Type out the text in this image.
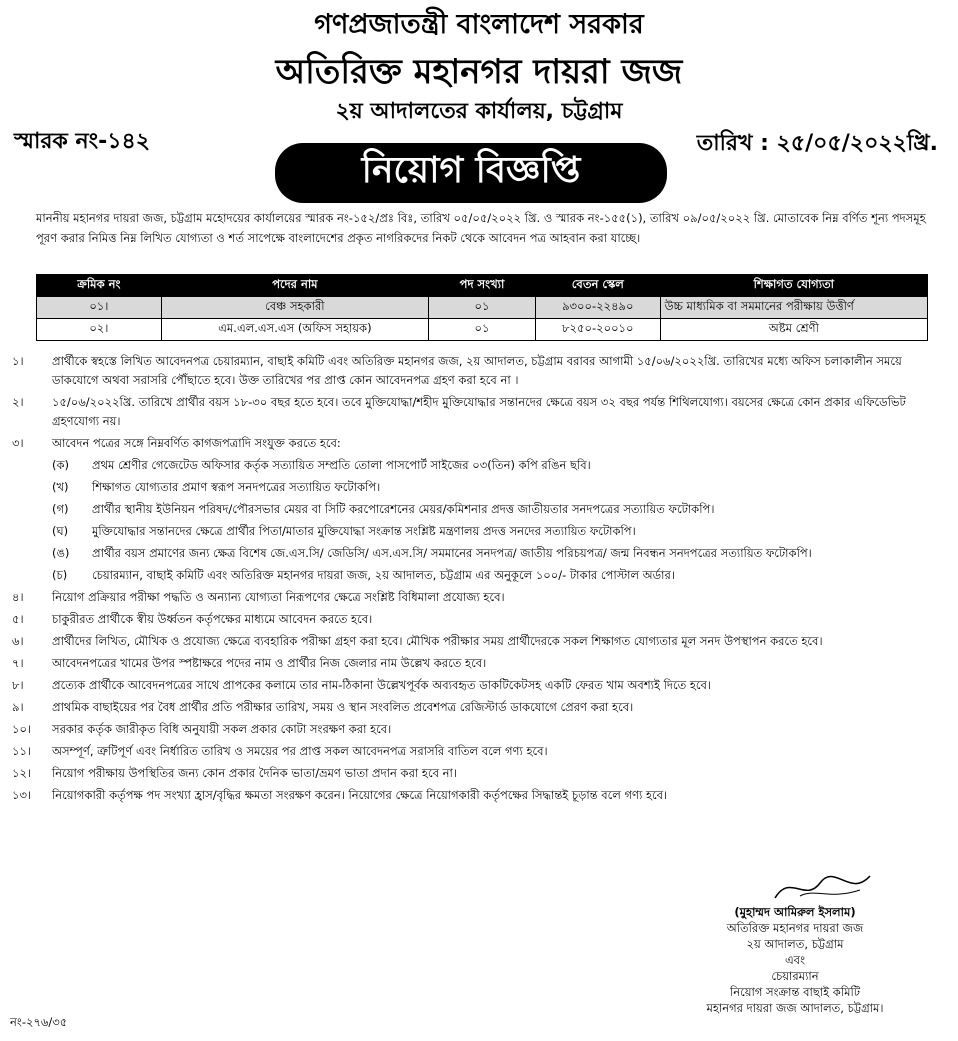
গণপ্রজাতন্ত্রী বাংলাদেশ সরকার
অতিরিক্ত মহানগর দায়রা জজ
২য় আদালতের কার্যালয়, চট্টগ্রাম
স্মারক নং-১৪২	তারিখ : ২৫/০৫/২০২২খ্রি.
নিয়োগ বিজ্ঞপ্তি
মাননীয় মহানগর দায়রা জজ, চট্টগ্রাম মহোদয়ের কার্যালয়ের স্মারক নং-১৫২/প্রঃ বিঃ, তারিখ ০৫/০৫/২০২২ খ্রি. ও স্মারক নং-১৫৫(১), তারিখ ০৯/০৫/২০২২ খ্রি. মোতাবেক নিম্ন বর্ণিত শূন্য পদসমূহ পূরণ করার নিমিত্ত নিম্ন লিখিত যোগ্যতা ও শর্ত সাপেক্ষে বাংলাদেশের প্রকৃত নাগরিকদের নিকট থেকে আবেদন পত্র আহবান করা যাচ্ছে।
ক্রমিক নং	পদের নাম	পদ সংখ্যা	বেতন স্কেল	শিক্ষাগত যোগ্যতা
০১।	বেঞ্চ সহকারী	০১	৯৩০০-২২৪৯০	উচ্চ মাধ্যমিক বা সমমানের পরীক্ষায় উত্তীর্ণ
০২।	এম.এল.এস.এস (অফিস সহায়ক)	০১	৮২৫০-২০০১০	অষ্টম শ্রেণী
১।	প্রার্থীকে স্বহস্তে লিখিত আবেদনপত্র চেয়ারম্যান, বাছাই কমিটি এবং অতিরিক্ত মহানগর জজ, ২য় আদালত, চট্টগ্রাম বরাবর আগামী ১৫/০৬/২০২২খ্রি. তারিখের মধ্যে অফিস চলাকালীন সময়ে ডাকযোগে অথবা সরাসরি পৌঁছাতে হবে। উক্ত তারিখের পর প্রাপ্ত কোন আবেদনপত্র গ্রহণ করা হবে না ।
২।	১৫/০৬/২০২২খ্রি. তারিখে প্রার্থীর বয়স ১৮-৩০ বছর হতে হবে। তবে মুক্তিযোদ্ধা/শহীদ মুক্তিযোদ্ধার সন্তানদের ক্ষেত্রে বয়স ৩২ বছর পর্যন্ত শিথিলযোগ্য। বয়সের ক্ষেত্রে কোন প্রকার এফিডেভিট গ্রহণযোগ্য নয়।
৩।	আবেদন পত্রের সঙ্গে নিম্নবর্ণিত কাগজপত্রাদি সংযুক্ত করতে হবে:
(ক)	প্রথম শ্রেণীর গেজেটেড অফিসার কর্তৃক সত্যায়িত সম্প্রতি তোলা পাসপোর্ট সাইজের ০৩(তিন) কপি রঙিন ছবি।
(খ)	শিক্ষাগত যোগ্যতার প্রমাণ স্বরূপ সনদপত্রের সত্যায়িত ফটোকপি।
(গ)	প্রার্থীর স্থানীয় ইউনিয়ন পরিষদ/পৌরসভার মেয়র বা সিটি করপোরেশনের মেয়র/কমিশনার প্রদত্ত জাতীয়তার সনদপত্রের সত্যায়িত ফটোকপি।
(ঘ)	মুক্তিযোদ্ধার সন্তানদের ক্ষেত্রে প্রার্থীর পিতা/মাতার মুক্তিযোদ্ধা সংক্রান্ত সংশ্লিষ্ট মন্ত্রণালয় প্রদত্ত সনদের সত্যায়িত ফটোকপি।
(ঙ)	প্রার্থীর বয়স প্রমাণের জন্য ক্ষেত্র বিশেষ জে.এস.সি/ জেডিসি/ এস.এস.সি/ সমমানের সনদপত্র/ জাতীয় পরিচয়পত্র/ জন্ম নিবন্ধন সনদপত্রের সত্যায়িত ফটোকপি।
(চ)	চেয়ারম্যান, বাছাই কমিটি এবং অতিরিক্ত মহানগর দায়রা জজ, ২য় আদালত, চট্টগ্রাম এর অনুকূলে ১০০/- টাকার পোস্টাল অর্ডার।
৪।	নিয়োগ প্রক্রিয়ার পরীক্ষা পদ্ধতি ও অন্যান্য যোগ্যতা নিরূপণের ক্ষেত্রে সংশ্লিষ্ট বিধিমালা প্রযোজ্য হবে।
৫।	চাকুরীরত প্রার্থীকে স্বীয় উর্ধ্বতন কর্তৃপক্ষের মাধ্যমে আবেদন করতে হবে।
৬।	প্রার্থীদের লিখিত, মৌখিক ও প্রযোজ্য ক্ষেত্রে ব্যবহারিক পরীক্ষা গ্রহণ করা হবে। মৌখিক পরীক্ষার সময় প্রার্থীদেরকে সকল শিক্ষাগত যোগ্যতার মূল সনদ উপস্থাপন করতে হবে।
৭।	আবেদনপত্রের খামের উপর স্পষ্টাক্ষরে পদের নাম ও প্রার্থীর নিজ জেলার নাম উল্লেখ করতে হবে।
৮।	প্রত্যেক প্রার্থীকে আবেদনপত্রের সাথে প্রাপকের কলামে তার নাম-ঠিকানা উল্লেখপূর্বক অব্যবহৃত ডাকটিকেটসহ একটি ফেরত খাম অবশ্যই দিতে হবে।
৯।	প্রাথমিক বাছাইয়ের পর বৈধ প্রার্থীর প্রতি পরীক্ষার তারিখ, সময় ও স্থান সংবলিত প্রবেশপত্র রেজিস্টার্ড ডাকযোগে প্রেরণ করা হবে।
১০।	সরকার কর্তৃক জারীকৃত বিধি অনুযায়ী সকল প্রকার কোটা সংরক্ষণ করা হবে।
১১।	অসম্পূর্ণ, ত্রুটিপূর্ণ এবং নির্ধারিত তারিখ ও সময়ের পর প্রাপ্ত সকল আবেদনপত্র সরাসরি বাতিল বলে গণ্য হবে।
১২।	নিয়োগ পরীক্ষায় উপস্থিতির জন্য কোন প্রকার দৈনিক ভাতা/ভ্রমণ ভাতা প্রদান করা হবে না।
১৩।	নিয়োগকারী কর্তৃপক্ষ পদ সংখ্যা হ্রাস/বৃদ্ধির ক্ষমতা সংরক্ষণ করেন। নিয়োগের ক্ষেত্রে নিয়োগকারী কর্তৃপক্ষের সিদ্ধান্তই চূড়ান্ত বলে গণ্য হবে।
(মুহাম্মদ আমিরুল ইসলাম)
অতিরিক্ত মহানগর দায়রা জজ
২য় আদালত, চট্টগ্রাম
এবং
চেয়ারম্যান
নিয়োগ সংক্রান্ত বাছাই কমিটি
মহানগর দায়রা জজ আদালত, চট্টগ্রাম।
নং-২৭৬/৩৫
